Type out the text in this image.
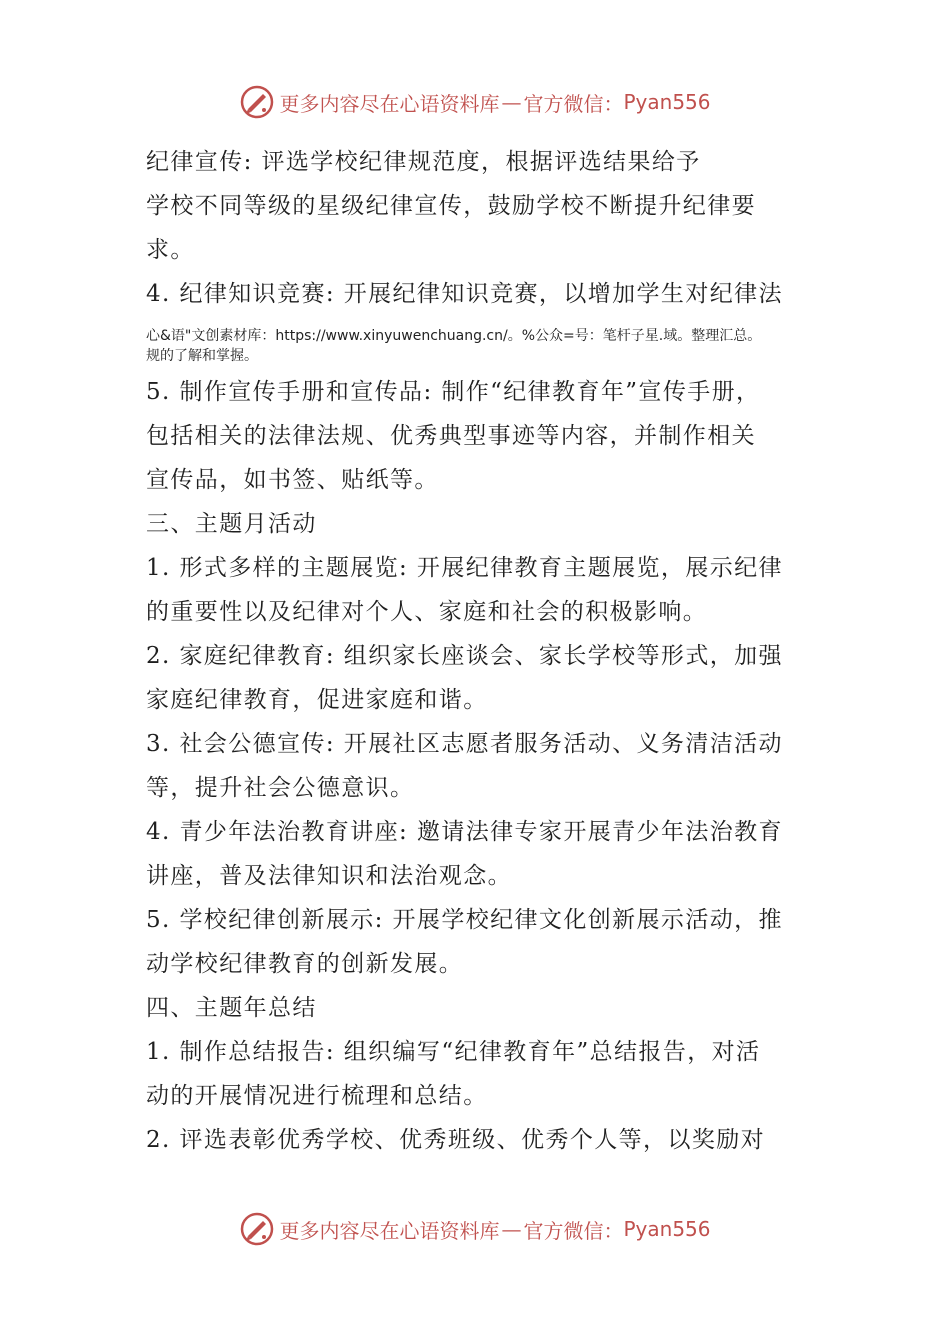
更多内容尽在心语资料库 — 官方微信： Pyan556
纪律宣传: 评选学校纪律规范度，根据评选结果给予
学校不同等级的星级纪律宣传，鼓励学校不断提升纪律要
求。
4. 纪律知识竞赛: 开展纪律知识竞赛，以增加学生对纪律法
心&语"文创素材库：https://www.xinyuwenchuang.cn/。%公众=号：笔杆子星.域。整理汇总。
规的了解和掌握。
5. 制作宣传手册和宣传品: 制作“纪律教育年”宣传手册，
包括相关的法律法规、优秀典型事迹等内容，并制作相关
宣传品，如书签、贴纸等。
三、主题月活动
1. 形式多样的主题展览: 开展纪律教育主题展览，展示纪律
的重要性以及纪律对个人、家庭和社会的积极影响。
2. 家庭纪律教育: 组织家长座谈会、家长学校等形式，加强
家庭纪律教育，促进家庭和谐。
3. 社会公德宣传: 开展社区志愿者服务活动、义务清洁活动
等，提升社会公德意识。
4. 青少年法治教育讲座: 邀请法律专家开展青少年法治教育
讲座，普及法律知识和法治观念。
5. 学校纪律创新展示: 开展学校纪律文化创新展示活动，推
动学校纪律教育的创新发展。
四、主题年总结
1. 制作总结报告: 组织编写“纪律教育年”总结报告，对活
动的开展情况进行梳理和总结。
2. 评选表彰优秀学校、优秀班级、优秀个人等，以奖励对
更多内容尽在心语资料库 — 官方微信： Pyan556
